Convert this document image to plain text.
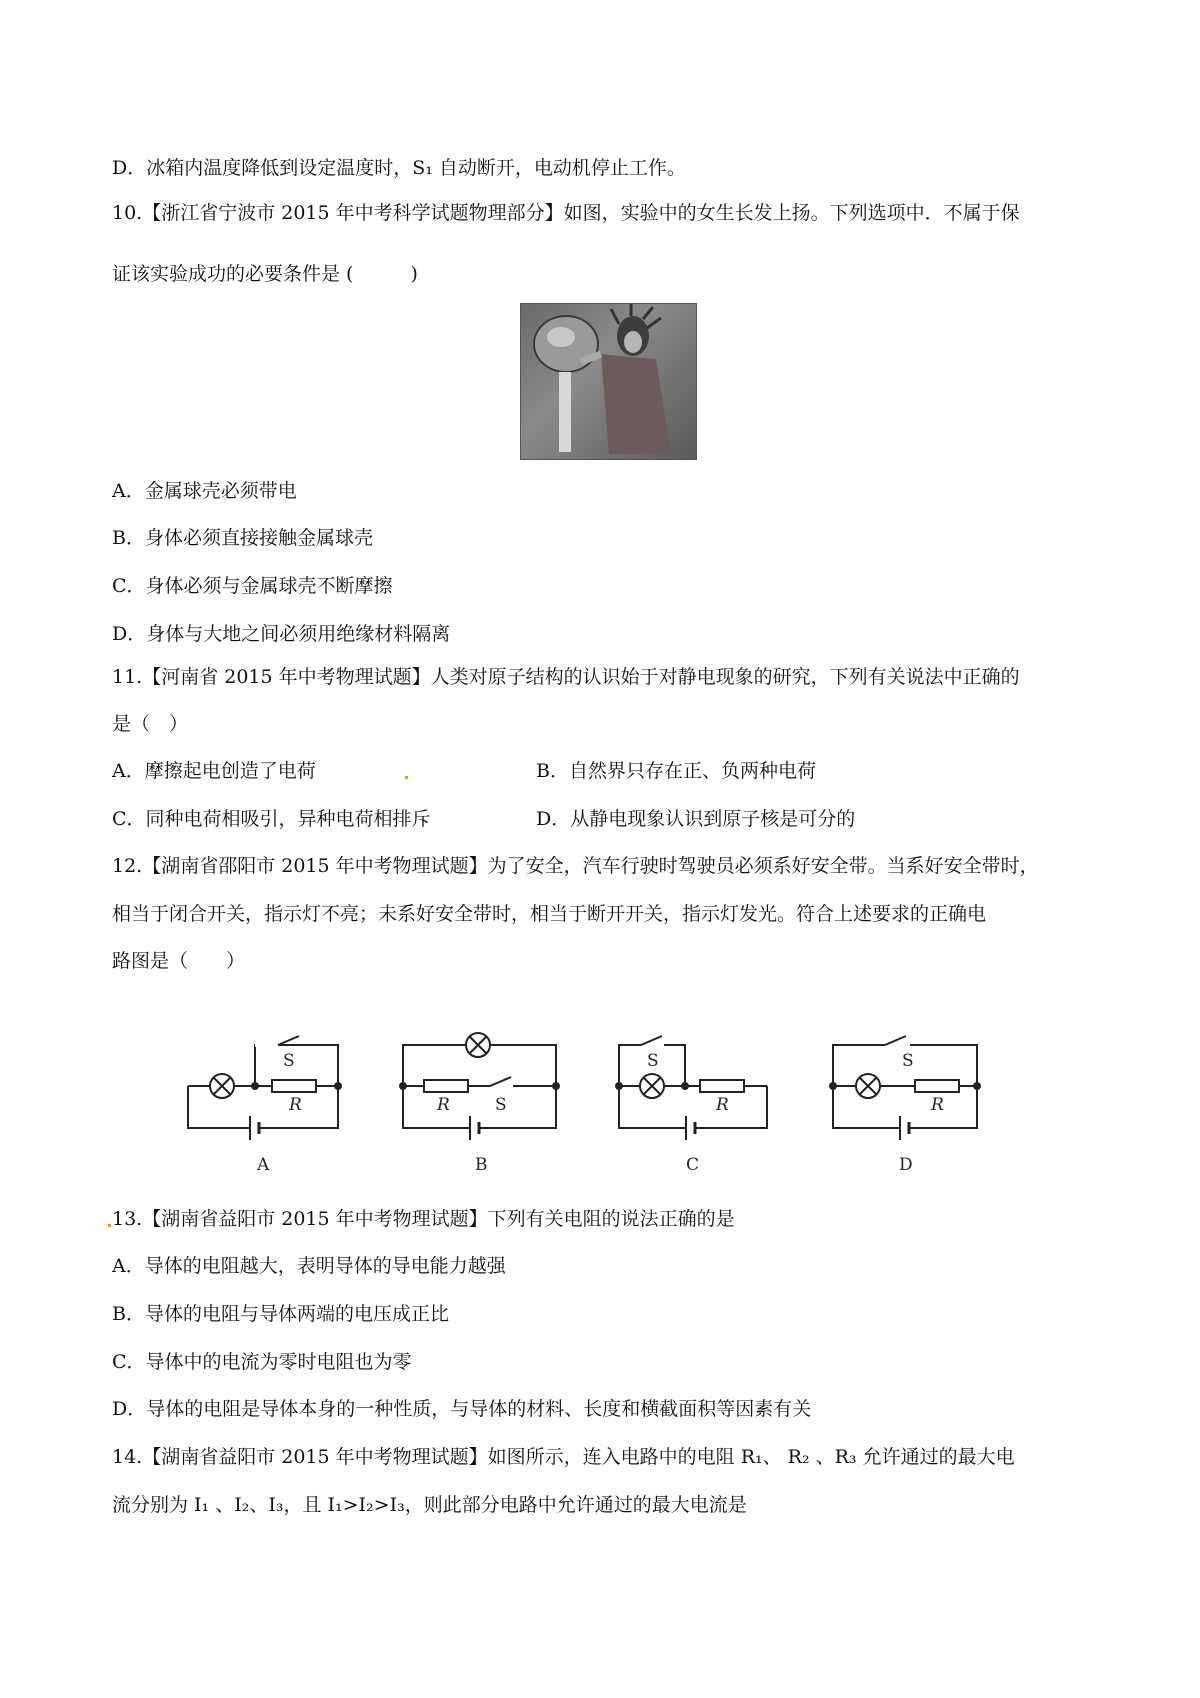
D．冰箱内温度降低到设定温度时，S₁ 自动断开，电动机停止工作。
10.【浙江省宁波市 2015 年中考科学试题物理部分】如图，实验中的女生长发上扬。下列选项中．不属于保
证该实验成功的必要条件是 (　　　)
A．金属球壳必须带电
B．身体必须直接接触金属球壳
C．身体必须与金属球壳不断摩擦
D．身体与大地之间必须用绝缘材料隔离
11.【河南省 2015 年中考物理试题】人类对原子结构的认识始于对静电现象的研究，下列有关说法中正确的
是（　）
A．摩擦起电创造了电荷	B．自然界只存在正、负两种电荷
C．同种电荷相吸引，异种电荷相排斥	D．从静电现象认识到原子核是可分的
12.【湖南省邵阳市 2015 年中考物理试题】为了安全，汽车行驶时驾驶员必须系好安全带。当系好安全带时，
相当于闭合开关，指示灯不亮；未系好安全带时，相当于断开开关，指示灯发光。符合上述要求的正确电
路图是（　　）
S
R
A
R	S
B
S
R
C
S
R
D
13.【湖南省益阳市 2015 年中考物理试题】下列有关电阻的说法正确的是
A．导体的电阻越大，表明导体的导电能力越强
B．导体的电阻与导体两端的电压成正比
C．导体中的电流为零时电阻也为零
D．导体的电阻是导体本身的一种性质，与导体的材料、长度和横截面积等因素有关
14.【湖南省益阳市 2015 年中考物理试题】如图所示，连入电路中的电阻 R₁、 R₂ 、R₃ 允许通过的最大电
流分别为 I₁ 、I₂、I₃，且 I₁>I₂>I₃，则此部分电路中允许通过的最大电流是
